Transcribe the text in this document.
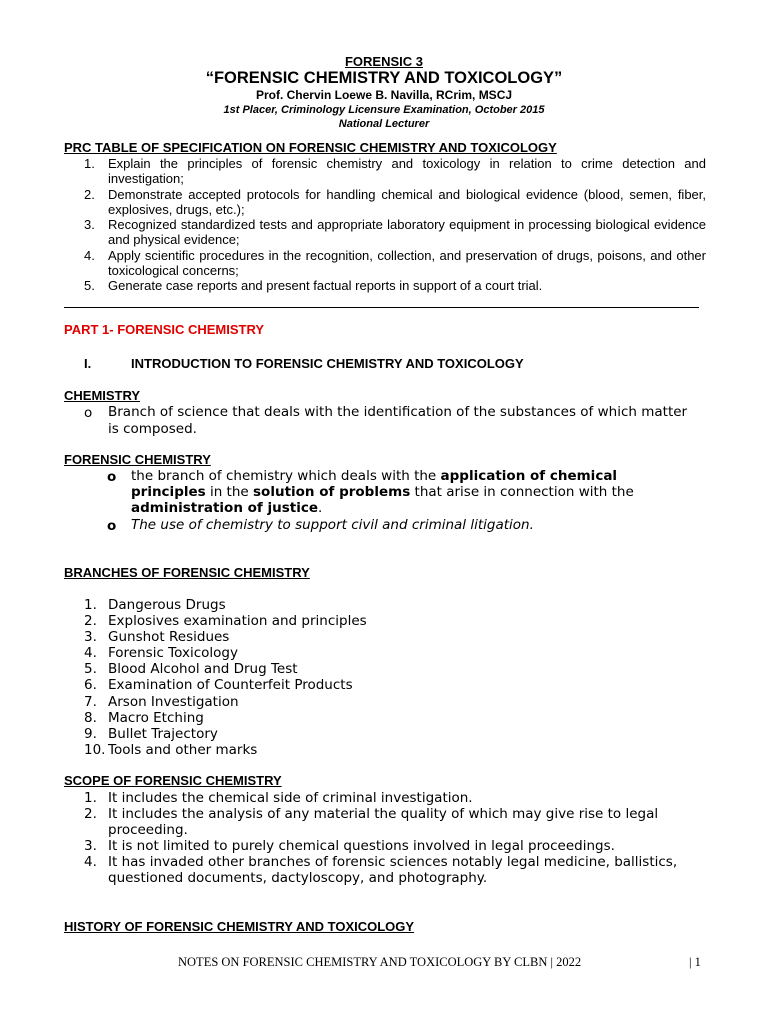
FORENSIC 3
“FORENSIC CHEMISTRY AND TOXICOLOGY”
Prof. Chervin Loewe B. Navilla, RCrim, MSCJ
1st Placer, Criminology Licensure Examination, October 2015
National Lecturer
PRC TABLE OF SPECIFICATION ON FORENSIC CHEMISTRY AND TOXICOLOGY
1. Explain the principles of forensic chemistry and toxicology in relation to crime detection and investigation;
2. Demonstrate accepted protocols for handling chemical and biological evidence (blood, semen, fiber, explosives, drugs, etc.);
3. Recognized standardized tests and appropriate laboratory equipment in processing biological evidence and physical evidence;
4. Apply scientific procedures in the recognition, collection, and preservation of drugs, poisons, and other toxicological concerns;
5. Generate case reports and present factual reports in support of a court trial.
PART 1- FORENSIC CHEMISTRY
I.	INTRODUCTION TO FORENSIC CHEMISTRY AND TOXICOLOGY
CHEMISTRY
o Branch of science that deals with the identification of the substances of which matter is composed.
FORENSIC CHEMISTRY
o the branch of chemistry which deals with the application of chemical principles in the solution of problems that arise in connection with the administration of justice.
o The use of chemistry to support civil and criminal litigation.
BRANCHES OF FORENSIC CHEMISTRY
1. Dangerous Drugs
2. Explosives examination and principles
3. Gunshot Residues
4. Forensic Toxicology
5. Blood Alcohol and Drug Test
6. Examination of Counterfeit Products
7. Arson Investigation
8. Macro Etching
9. Bullet Trajectory
10. Tools and other marks
SCOPE OF FORENSIC CHEMISTRY
1. It includes the chemical side of criminal investigation.
2. It includes the analysis of any material the quality of which may give rise to legal proceeding.
3. It is not limited to purely chemical questions involved in legal proceedings.
4. It has invaded other branches of forensic sciences notably legal medicine, ballistics, questioned documents, dactyloscopy, and photography.
HISTORY OF FORENSIC CHEMISTRY AND TOXICOLOGY
NOTES ON FORENSIC CHEMISTRY AND TOXICOLOGY BY CLBN | 2022	| 1
